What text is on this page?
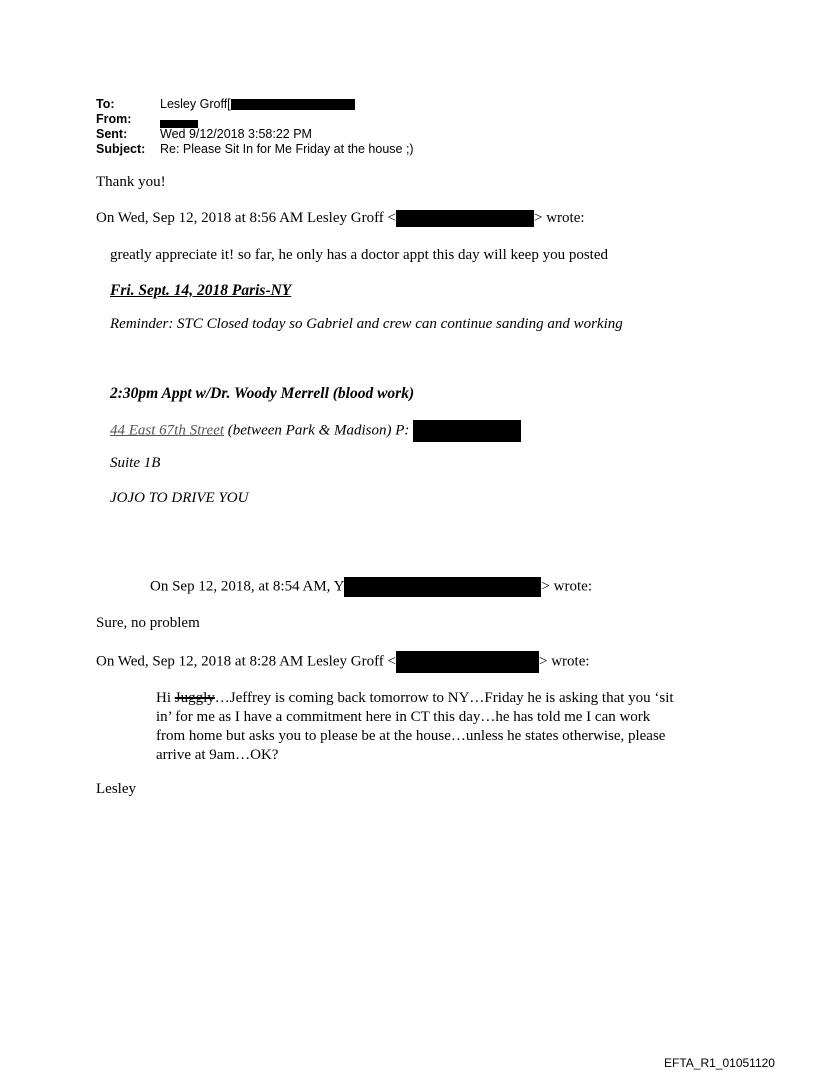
To:	Lesley Groff[
From:
Sent:	Wed 9/12/2018 3:58:22 PM
Subject: Re: Please Sit In for Me Friday at the house ;)
Thank you!
On Wed, Sep 12, 2018 at 8:56 AM Lesley Groff <	> wrote:
greatly appreciate it! so far, he only has a doctor appt this day will keep you posted
Fri. Sept. 14, 2018 Paris-NY
Reminder: STC Closed today so Gabriel and crew can continue sanding and working
2:30pm Appt w/Dr. Woody Merrell (blood work)
44 East 67th Street (between Park & Madison) P:
Suite 1B
JOJO TO DRIVE YOU
On Sep 12, 2018, at 8:54 AM, Y	> wrote:
Sure, no problem
On Wed, Sep 12, 2018 at 8:28 AM Lesley Groff <	> wrote:
Hi Juggly…Jeffrey is coming back tomorrow to NY…Friday he is asking that you ‘sit in’ for me as I have a commitment here in CT this day…he has told me I can work from home but asks you to please be at the house…unless he states otherwise, please arrive at 9am…OK?
Lesley
EFTA_R1_01051120
